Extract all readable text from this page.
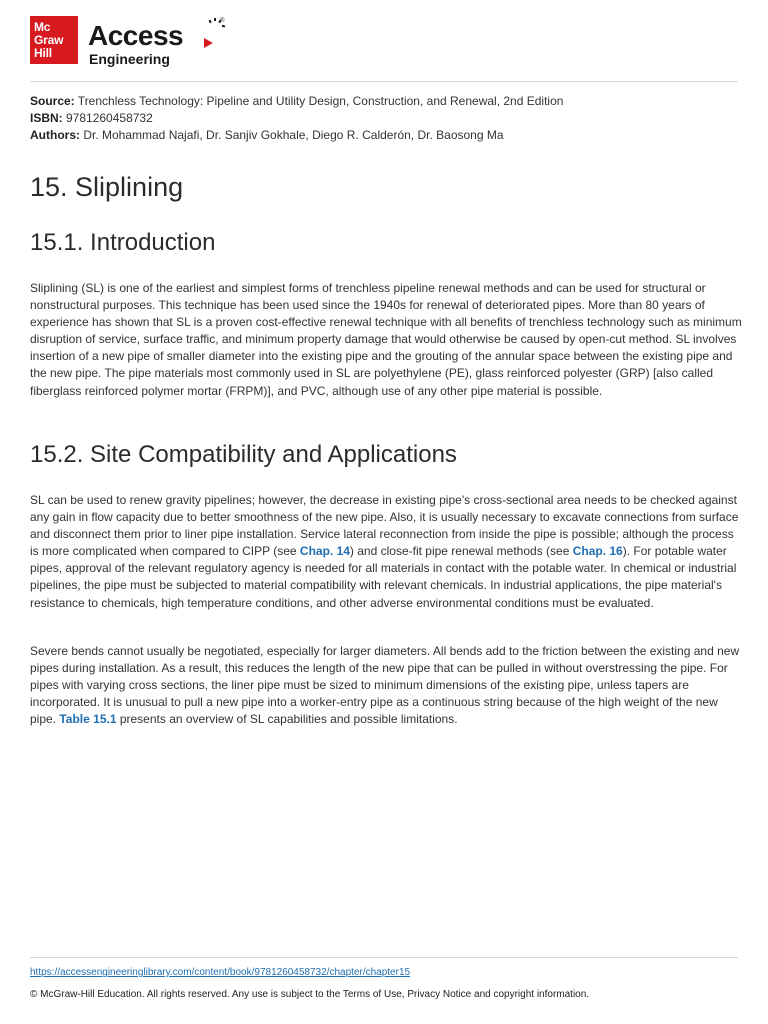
Mc
Graw
Hill
Access
Engineering
®
Source: Trenchless Technology: Pipeline and Utility Design, Construction, and Renewal, 2nd Edition
ISBN: 9781260458732
Authors: Dr. Mohammad Najafi, Dr. Sanjiv Gokhale, Diego R. Calderón, Dr. Baosong Ma
15. Sliplining
15.1. Introduction

Sliplining (SL) is one of the earliest and simplest forms of trenchless pipeline renewal methods and can be used for structural or nonstructural purposes. This technique has been used since the 1940s for renewal of deteriorated pipes. More than 80 years of experience has shown that SL is a proven cost-effective renewal technique with all benefits of trenchless technology such as minimum disruption of service, surface traffic, and minimum property damage that would otherwise be caused by open-cut method. SL involves insertion of a new pipe of smaller diameter into the existing pipe and the grouting of the annular space between the existing pipe and the new pipe. The pipe materials most commonly used in SL are polyethylene (PE), glass reinforced polyester (GRP) [also called fiberglass reinforced polymer mortar (FRPM)], and PVC, although use of any other pipe material is possible.

15.2. Site Compatibility and Applications

SL can be used to renew gravity pipelines; however, the decrease in existing pipe's cross-sectional area needs to be checked against any gain in flow capacity due to better smoothness of the new pipe. Also, it is usually necessary to excavate connections from surface and disconnect them prior to liner pipe installation. Service lateral reconnection from inside the pipe is possible; although the process is more complicated when compared to CIPP (see Chap. 14) and close-fit pipe renewal methods (see Chap. 16). For potable water pipes, approval of the relevant regulatory agency is needed for all materials in contact with the potable water. In chemical or industrial pipelines, the pipe must be subjected to material compatibility with relevant chemicals. In industrial applications, the pipe material's resistance to chemicals, high temperature conditions, and other adverse environmental conditions must be evaluated.

Severe bends cannot usually be negotiated, especially for larger diameters. All bends add to the friction between the existing and new pipes during installation. As a result, this reduces the length of the new pipe that can be pulled in without overstressing the pipe. For pipes with varying cross sections, the liner pipe must be sized to minimum dimensions of the existing pipe, unless tapers are incorporated. It is unusual to pull a new pipe into a worker-entry pipe as a continuous string because of the high weight of the new pipe. Table 15.1 presents an overview of SL capabilities and possible limitations.

https://accessengineeringlibrary.com/content/book/9781260458732/chapter/chapter15
© McGraw-Hill Education. All rights reserved. Any use is subject to the Terms of Use, Privacy Notice and copyright information.
